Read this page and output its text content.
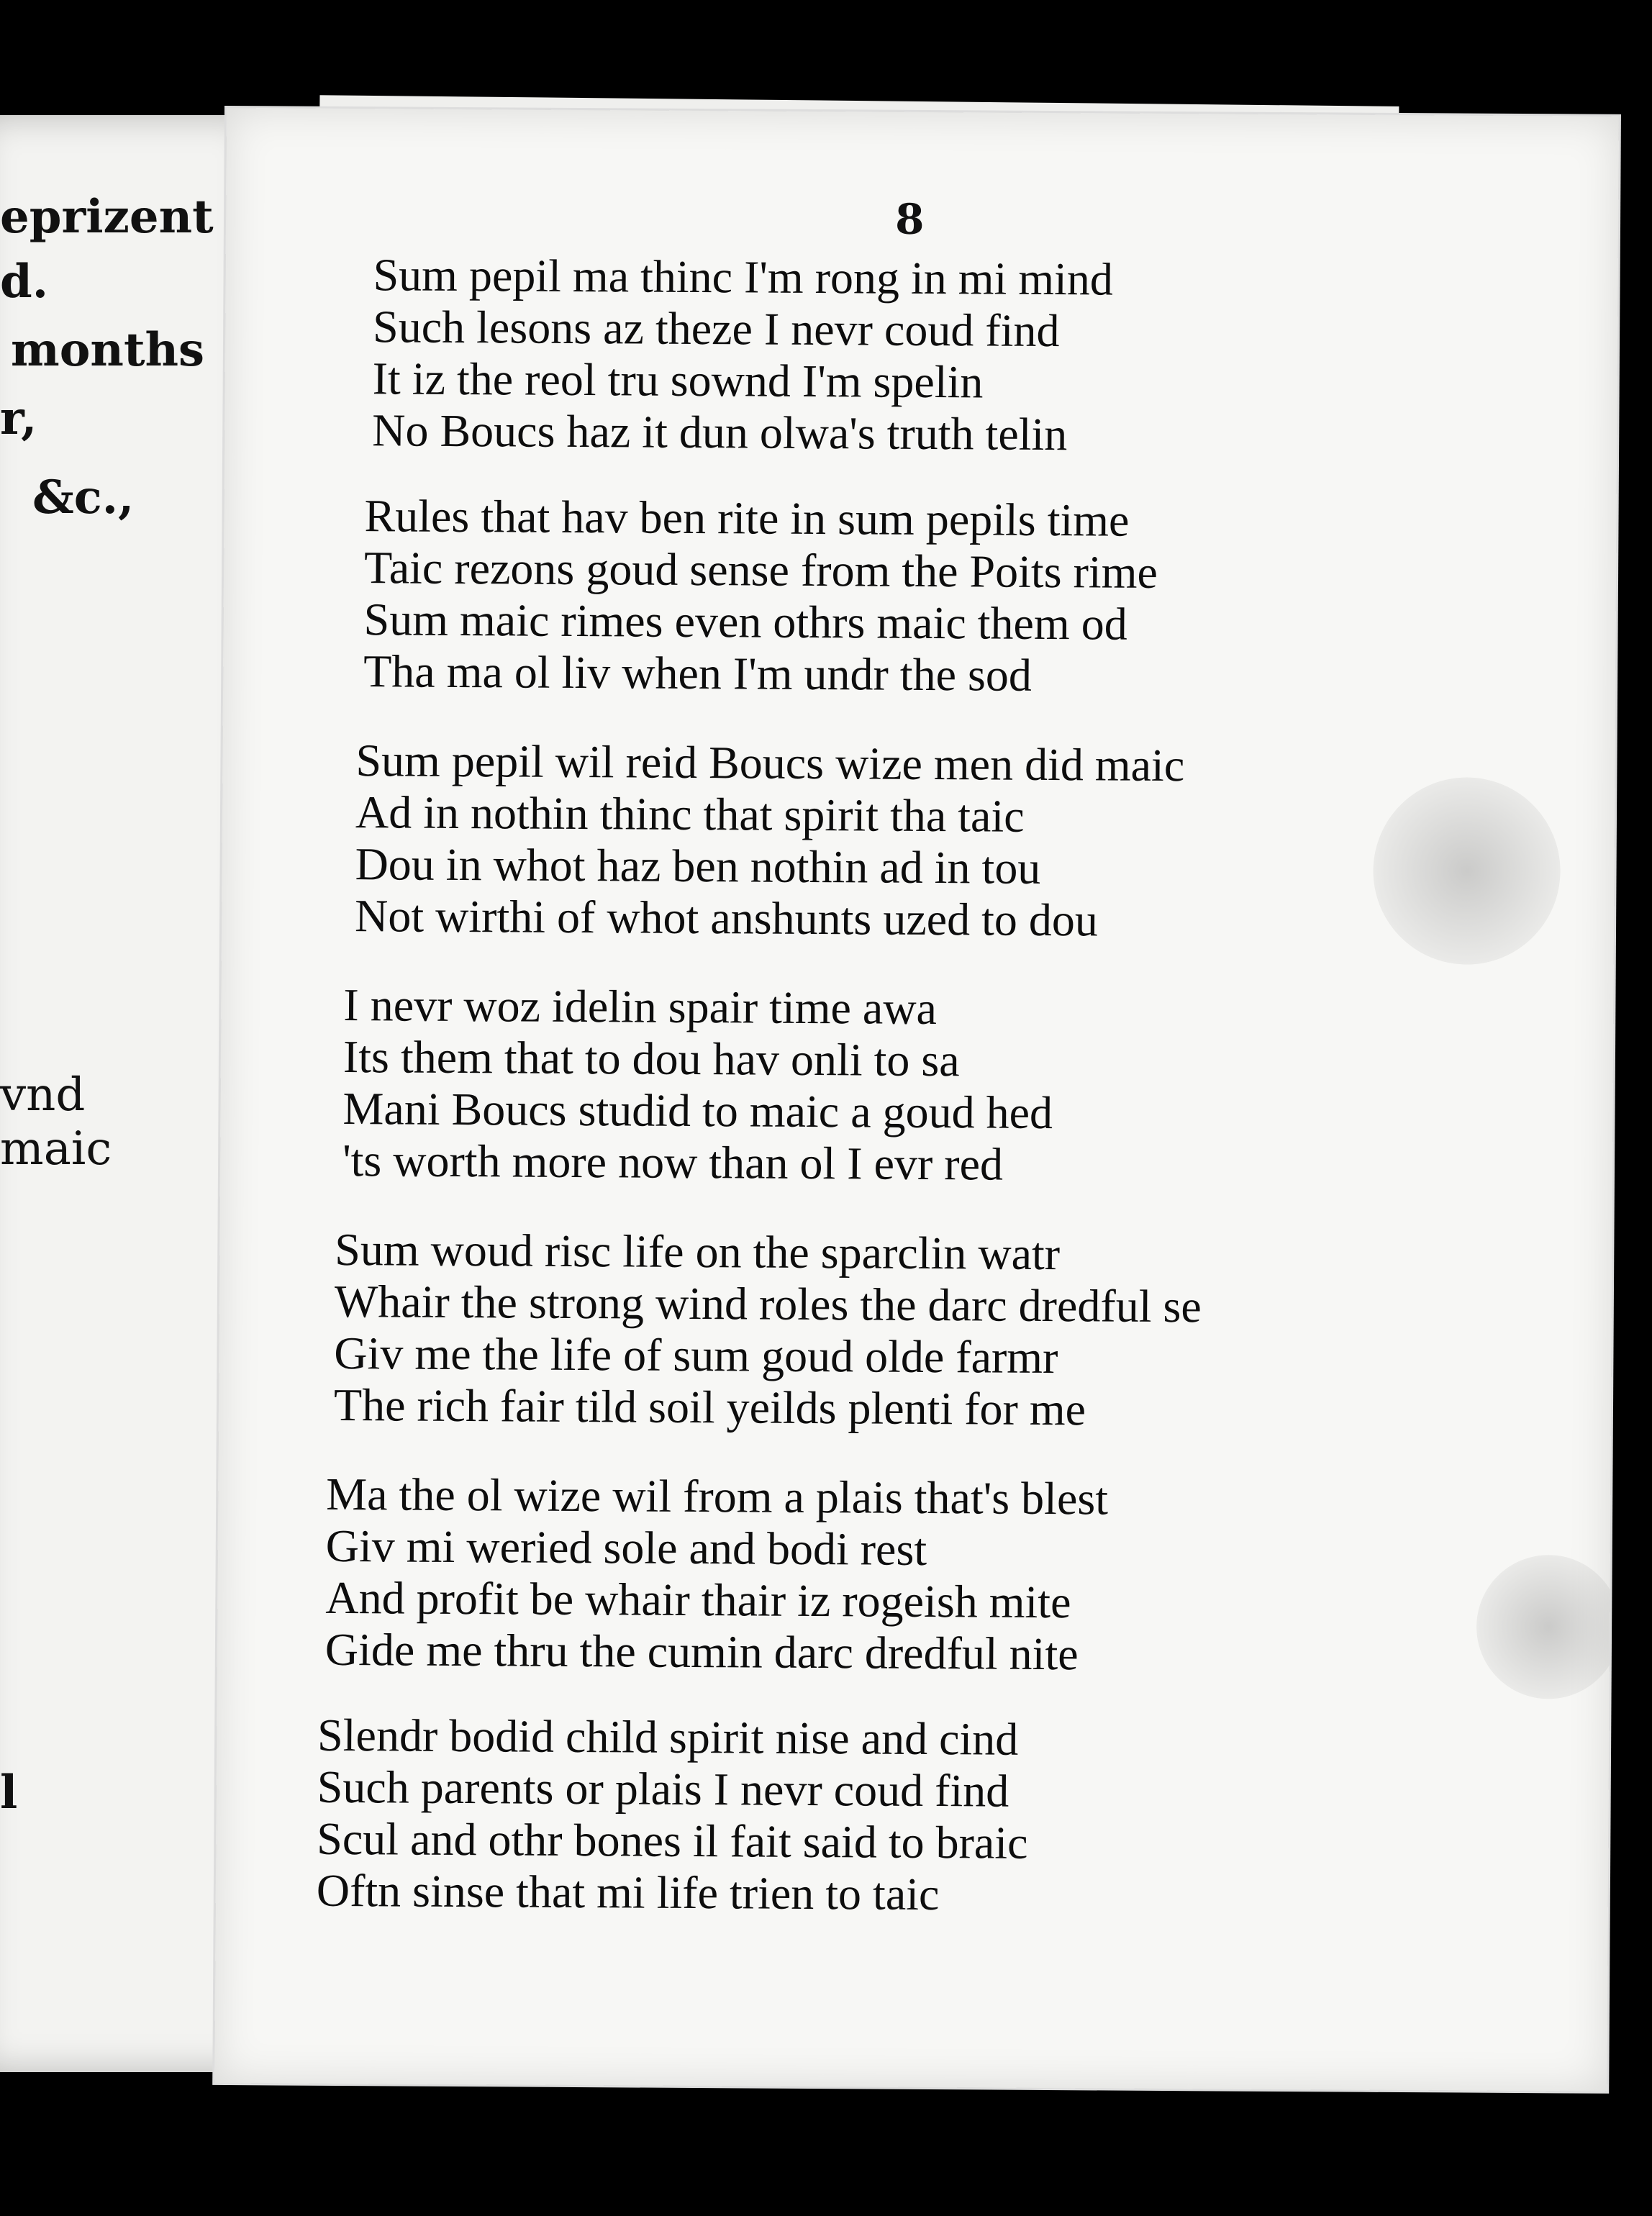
eprizent
d.
months
r,
&c.,
vnd
maic
l
8
Sum pepil ma thinc I'm rong in mi mind
Such lesons az theze I nevr coud find
It iz the reol tru sownd I'm spelin
No Boucs haz it dun olwa's truth telin
Rules that hav ben rite in sum pepils time
Taic rezons goud sense from the Poits rime
Sum maic rimes even othrs maic them od
Tha ma ol liv when I'm undr the sod
Sum pepil wil reid Boucs wize men did maic
Ad in nothin thinc that spirit tha taic
Dou in whot haz ben nothin ad in tou
Not wirthi of whot anshunts uzed to dou
I nevr woz idelin spair time awa
Its them that to dou hav onli to sa
Mani Boucs studid to maic a goud hed
'ts worth more now than ol I evr red
Sum woud risc life on the sparclin watr
Whair the strong wind roles the darc dredful se
Giv me the life of sum goud olde farmr
The rich fair tild soil yeilds plenti for me
Ma the ol wize wil from a plais that's blest
Giv mi weried sole and bodi rest
And profit be whair thair iz rogeish mite
Gide me thru the cumin darc dredful nite
Slendr bodid child spirit nise and cind
Such parents or plais I nevr coud find
Scul and othr bones il fait said to braic
Oftn sinse that mi life trien to taic
